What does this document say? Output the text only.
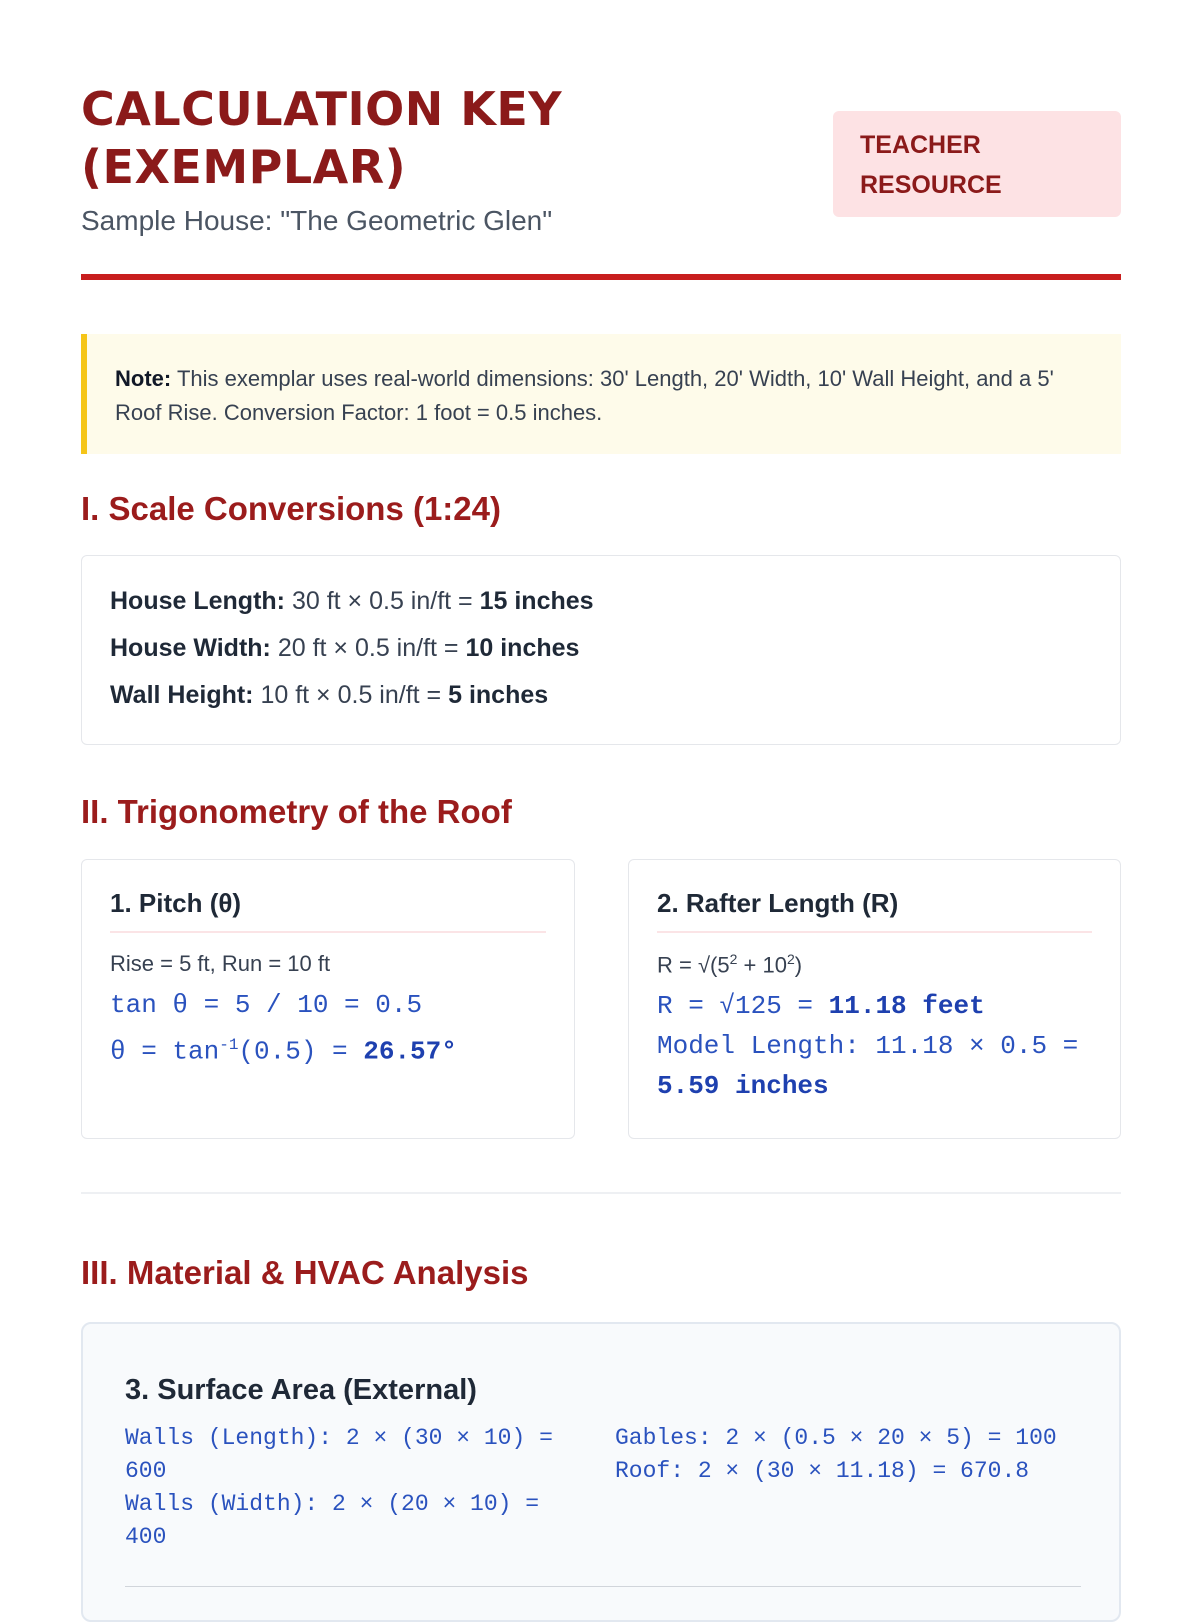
CALCULATION KEY (EXEMPLAR)
Sample House: "The Geometric Glen"
TEACHER RESOURCE
Note: This exemplar uses real-world dimensions: 30' Length, 20' Width, 10' Wall Height, and a 5' Roof Rise. Conversion Factor: 1 foot = 0.5 inches.
I. Scale Conversions (1:24)
House Length: 30 ft × 0.5 in/ft = 15 inches
House Width: 20 ft × 0.5 in/ft = 10 inches
Wall Height: 10 ft × 0.5 in/ft = 5 inches
II. Trigonometry of the Roof
1. Pitch (θ)
Rise = 5 ft, Run = 10 ft
tan θ = 5 / 10 = 0.5
$\theta = \tan^{-1}(0.5) = 26.57^\circ$
2. Rafter Length (R)
$R = √(5^2 + 10^2)$
R = √125 = 11.18 feet
Model Length: 11.18 × 0.5 = 5.59 inches
III. Material & HVAC Analysis
3. Surface Area (External)
Walls (Length): 2 × (30 × 10) =
600
Walls (Width): 2 × (20 × 10) =
400
Gables: 2 × (0.5 × 20 × 5) = 100
Roof: 2 × (30 × 11.18) = 670.8
